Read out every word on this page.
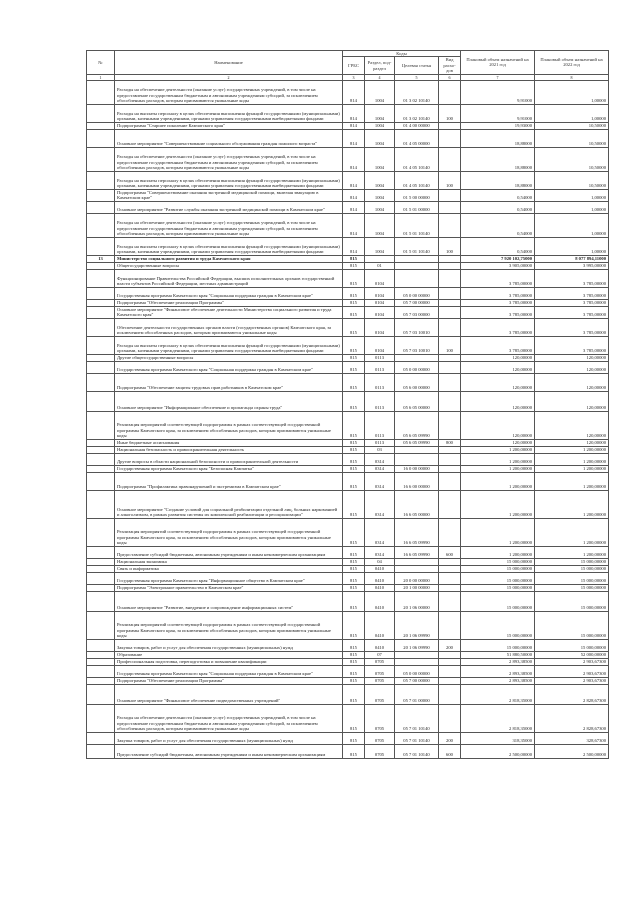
№	Наименование	Коды				Плановый объем назначений на 2021 год	Плановый объем назначений на 2022 год
		ГРБС	Раздел, под-раздел	Целевая статья	Вид расхо-дов		
1	2	3	4	5	6	7	8
	Расходы на обеспечение деятельности (оказание услуг) государственных учреждений, в том числе на предоставление государственным бюджетным и автономным учреждениям субсидий, за исключением обособленных расходов, которым присваиваются уникальные коды	814	1004	01 3 02 10140		9,91000	1,00000
	Расходы на выплаты персоналу в целях обеспечения выполнения функций государственными (муниципальными) органами, казенными учреждениями, органами управления государственными внебюджетными фондами	814	1004	01 3 02 10140	100	9,91000	1,00000
	Подпрограмма "Старшее поколение Камчатского края"	814	1004	01 4 00 00000		19,93000	10,50000
	Основное мероприятие "Совершенствование социального обслуживания граждан пожилого возраста"	814	1004	01 4 05 00000		18,88000	10,50000
	Расходы на обеспечение деятельности (оказание услуг) государственных учреждений, в том числе на предоставление государственным бюджетным и автономным учреждениям субсидий, за исключением обособленных расходов, которым присваиваются уникальные коды	814	1004	01 4 05 10140		18,88000	10,50000
	Расходы на выплаты персоналу в целях обеспечения выполнения функций государственными (муниципальными) органами, казенными учреждениями, органами управления государственными внебюджетными фондами	814	1004	01 4 05 10140	100	18,88000	10,50000
	Подпрограмма "Совершенствование оказания экстренной медицинской помощи, включая эвакуацию в Камчатском крае"	814	1004	01 5 00 00000		0,54000	1,00000
	Основное мероприятие "Развитие службы оказания экстренной медицинской помощи в Камчатском крае"	814	1004	01 5 01 00000		0,54000	1,00000
	Расходы на обеспечение деятельности (оказание услуг) государственных учреждений, в том числе на предоставление государственным бюджетным и автономным учреждениям субсидий, за исключением обособленных расходов, которым присваиваются уникальные коды	814	1004	01 5 01 10140		0,54000	1,00000
	Расходы на выплаты персоналу в целях обеспечения выполнения функций государственными (муниципальными) органами, казенными учреждениями, органами управления государственными внебюджетными фондами	814	1004	01 5 01 10140	100	0,54000	1,00000
13	Министерство социального развития и труда Камчатского края	815				7 920 102,75000	8 077 894,11000
	Общегосударственные вопросы	815	01			3 905,00000	3 995,00000
	Функционирование Правительства Российской Федерации, высших исполнительных органов государственной власти субъектов Российской Федерации, местных администраций	815	0104			3 785,00000	3 785,00000
	Государственная программа Камчатского края "Социальная поддержка граждан в Камчатском крае"	815	0104	05 0 00 00000		3 785,00000	3 785,00000
	Подпрограмма "Обеспечение реализации Программы"	815	0104	05 7 00 00000		3 785,00000	3 785,00000
	Основное мероприятие "Финансовое обеспечение деятельности Министерства социального развития и труда Камчатского края"	815	0104	05 7 03 00000		3 785,00000	3 785,00000
	Обеспечение деятельности государственных органов власти (государственных органов) Камчатского края, за исключением обособленных расходов, которым присваиваются уникальные коды	815	0104	05 7 03 10010		3 785,00000	3 785,00000
	Расходы на выплаты персоналу в целях обеспечения выполнения функций государственными (муниципальными) органами, казенными учреждениями, органами управления государственными внебюджетными фондами	815	0104	05 7 03 10010	100	3 785,00000	3 785,00000
	Другие общегосударственные вопросы	815	0113			120,00000	120,00000
	Государственная программа Камчатского края "Социальная поддержка граждан в Камчатском крае"	815	0113	05 0 00 00000		120,00000	120,00000
	Подпрограмма "Обеспечение защиты трудовых прав работников в Камчатском крае"	815	0113	05 6 00 00000		120,00000	120,00000
	Основное мероприятие "Информационное обеспечение и пропаганда охраны труда"	815	0113	05 6 05 00000		120,00000	120,00000
	Реализация мероприятий соответствующей подпрограммы в рамках соответствующей государственной программы Камчатского края, за исключением обособленных расходов, которым присваиваются уникальные коды	815	0113	05 6 05 09990		120,00000	120,00000
	Иные бюджетные ассигнования	815	0113	05 6 05 09990	800	120,00000	120,00000
	Национальная безопасность и правоохранительная деятельность	815	03			1 200,00000	1 200,00000
	Другие вопросы в области национальной безопасности и правоохранительной деятельности	815	0314			1 200,00000	1 200,00000
	Государственная программа Камчатского края "Безопасная Камчатка"	815	0314	16 0 00 00000		1 200,00000	1 200,00000
	Подпрограмма "Профилактика правонарушений и экстремизма в Камчатском крае"	815	0314	16 6 00 00000		1 200,00000	1 200,00000
	Основное мероприятие "Создание условий для социальной реабилитации отдельной лиц, больных наркоманией и алкоголизмом, в рамках развития системы их комплексной реабилитации и ресоциализации"	815	0314	16 6 05 00000		1 200,00000	1 200,00000
	Реализация мероприятий соответствующей подпрограммы в рамках соответствующей государственной программы Камчатского края, за исключением обособленных расходов, которым присваиваются уникальные коды	815	0314	16 6 05 09990		1 200,00000	1 200,00000
	Предоставление субсидий бюджетным, автономным учреждениям и иным некоммерческим организациям	815	0314	16 6 05 09990	600	1 200,00000	1 200,00000
	Национальная экономика	815	04			15 000,00000	15 000,00000
	Связь и информатика	815	0410			15 000,00000	15 000,00000
	Государственная программа Камчатского края "Информационное общество в Камчатском крае"	815	0410	20 0 00 00000		15 000,00000	15 000,00000
	Подпрограмма "Электронное правительство в Камчатском крае"	815	0410	20 1 00 00000		15 000,00000	15 000,00000
	Основное мероприятие "Развитие, внедрение и сопровождение информационных систем"	815	0410	20 1 06 00000		15 000,00000	15 000,00000
	Реализация мероприятий соответствующей подпрограммы в рамках соответствующей государственной программы Камчатского края, за исключением обособленных расходов, которым присваиваются уникальные коды	815	0410	20 1 06 09990		15 000,00000	15 000,00000
	Закупка товаров, работ и услуг для обеспечения государственных (муниципальных) нужд	815	0410	20 1 06 09990	200	15 000,00000	15 000,00000
	Образование	815	07			51 880,50000	52 000,00000
	Профессиональная подготовка, переподготовка и повышение квалификации	815	0705			2 893,38500	2 903,67300
	Государственная программа Камчатского края "Социальная поддержка граждан в Камчатском крае"	815	0705	05 0 00 00000		2 893,38500	2 903,67300
	Подпрограмма "Обеспечение реализации Программы"	815	0705	05 7 00 00000		2 893,38500	2 903,67300
	Основное мероприятие "Финансовое обеспечение подведомственных учреждений"	815	0705	05 7 01 00000		2 818,35000	2 828,67300
	Расходы на обеспечение деятельности (оказание услуг) государственных учреждений, в том числе на предоставление государственным бюджетным и автономным учреждениям субсидий, за исключением обособленных расходов, которым присваиваются уникальные коды	815	0705	05 7 01 10140		2 818,35000	2 828,67300
	Закупка товаров, работ и услуг для обеспечения государственных (муниципальных) нужд	815	0705	05 7 01 10140	200	318,35000	328,67300
	Предоставление субсидий бюджетным, автономным учреждениям и иным некоммерческим организациям	815	0705	05 7 01 10140	600	2 500,00000	2 500,00000
